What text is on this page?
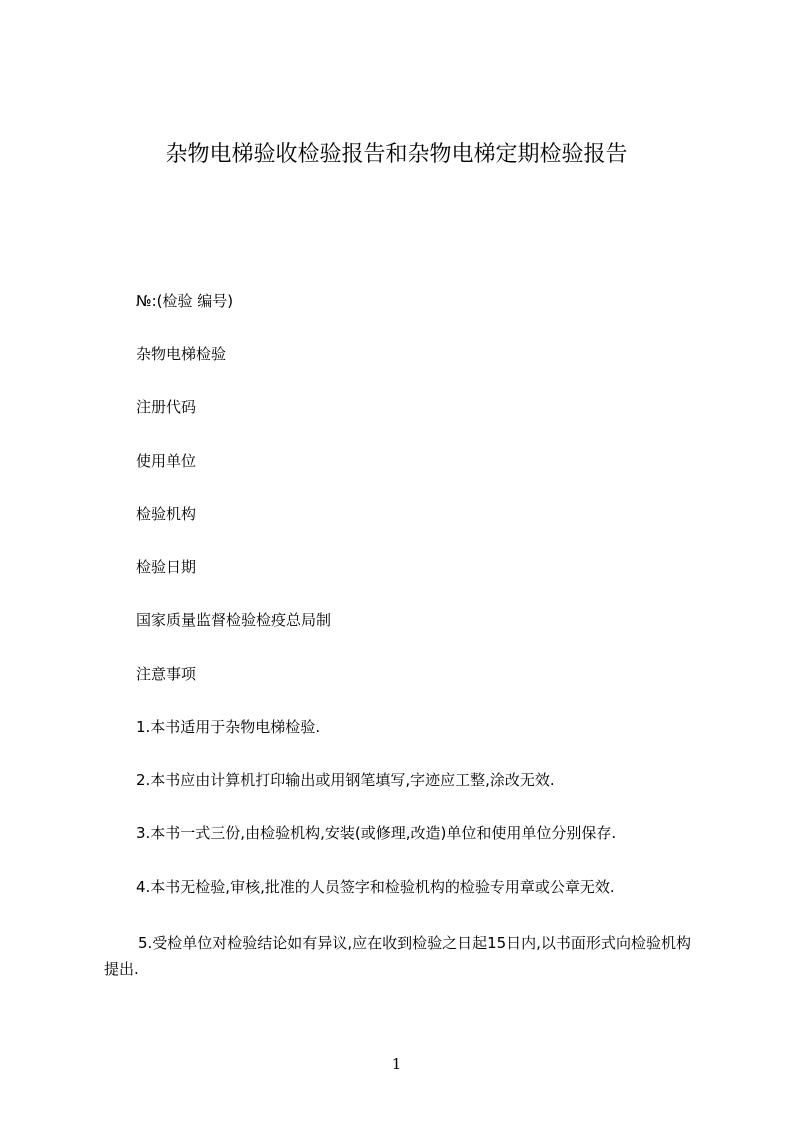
杂物电梯验收检验报告和杂物电梯定期检验报告
№:(检验 编号)
杂物电梯检验
注册代码
使用单位
检验机构
检验日期
国家质量监督检验检疫总局制
注意事项
1.本书适用于杂物电梯检验.
2.本书应由计算机打印输出或用钢笔填写,字迹应工整,涂改无效.
3.本书一式三份,由检验机构,安装(或修理,改造)单位和使用单位分别保存.
4.本书无检验,审核,批准的人员签字和检验机构的检验专用章或公章无效.
5.受检单位对检验结论如有异议,应在收到检验之日起15日内,以书面形式向检验机构提出.
1
